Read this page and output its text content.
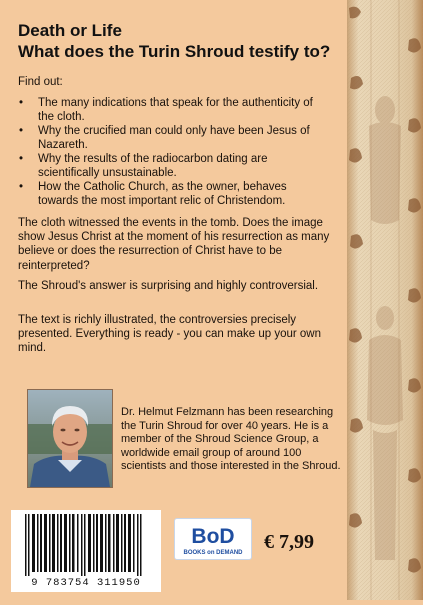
Death or Life
What does the Turin Shroud testify to?
Find out:
• The many indications that speak for the authenticity of the cloth.
• Why the crucified man could only have been Jesus of Nazareth.
• Why the results of the radiocarbon dating are scientifically unsustainable.
• How the Catholic Church, as the owner, behaves towards the most important relic of Christendom.
The cloth witnessed the events in the tomb. Does the image show Jesus Christ at the moment of his resurrection as many believe or does the resurrection of Christ have to be reinterpreted?
The Shroud's answer is surprising and highly controversial.
The text is richly illustrated, the controversies precisely presented. Everything is ready - you can make up your own mind.
Dr. Helmut Felzmann has been researching the Turin Shroud for over 40 years. He is a member of the Shroud Science Group, a worldwide email group of around 100 scientists and those interested in the Shroud.
9 783754 311950
BoD
BOOKS on DEMAND € 7,99
